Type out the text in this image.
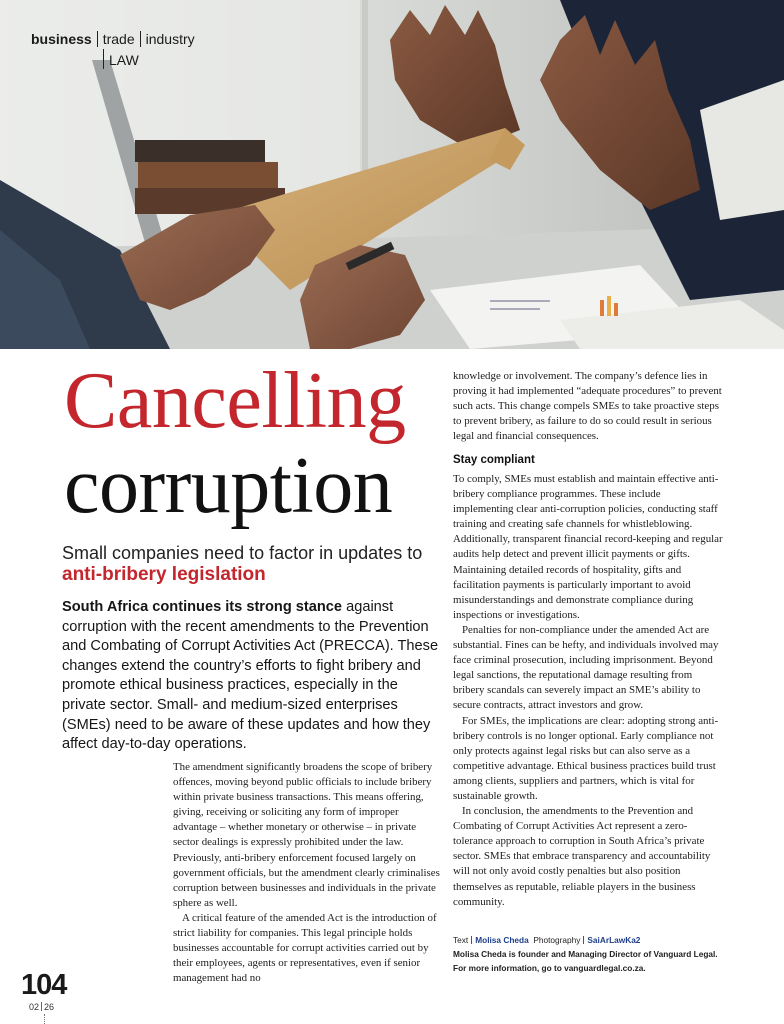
business trade industry
LAW
Cancelling
corruption
Small companies need to factor in updates to
anti-bribery legislation
South Africa continues its strong stance against corruption with the recent amendments to the Prevention and Combating of Corrupt Activities Act (PRECCA). These changes extend the country’s efforts to fight bribery and promote ethical business practices, especially in the private sector. Small- and medium-sized enterprises (SMEs) need to be aware of these updates and how they affect day-to-day operations.

The amendment significantly broadens the scope of bribery offences, moving beyond public officials to include bribery within private business transactions. This means offering, giving, receiving or soliciting any form of improper advantage – whether monetary or otherwise – in private sector dealings is expressly prohibited under the law. Previously, anti-bribery enforcement focused largely on government officials, but the amendment clearly criminalises corruption between businesses and individuals in the private sphere as well.

A critical feature of the amended Act is the introduction of strict liability for companies. This legal principle holds businesses accountable for corrupt activities carried out by their employees, agents or representatives, even if senior management had no

knowledge or involvement. The company’s defence lies in proving it had implemented “adequate procedures” to prevent such acts. This change compels SMEs to take proactive steps to prevent bribery, as failure to do so could result in serious legal and financial consequences.

Stay compliant

To comply, SMEs must establish and maintain effective anti-bribery compliance programmes. These include implementing clear anti-corruption policies, conducting staff training and creating safe channels for whistleblowing. Additionally, transparent financial record-keeping and regular audits help detect and prevent illicit payments or gifts. Maintaining detailed records of hospitality, gifts and facilitation payments is particularly important to avoid misunderstandings and demonstrate compliance during inspections or investigations.

Penalties for non-compliance under the amended Act are substantial. Fines can be hefty, and individuals involved may face criminal prosecution, including imprisonment. Beyond legal sanctions, the reputational damage resulting from bribery scandals can severely impact an SME’s ability to secure contracts, attract investors and grow.

For SMEs, the implications are clear: adopting strong anti-bribery controls is no longer optional. Early compliance not only protects against legal risks but can also serve as a competitive advantage. Ethical business practices build trust among clients, suppliers and partners, which is vital for sustainable growth.

In conclusion, the amendments to the Prevention and Combating of Corrupt Activities Act represent a zero-tolerance approach to corruption in South Africa’s private sector. SMEs that embrace transparency and accountability will not only avoid costly penalties but also position themselves as reputable, reliable players in the business community.

Text Molisa Cheda Photography SaiArLawKa2
Molisa Cheda is founder and Managing Director of Vanguard Legal.
For more information, go to vanguardlegal.co.za.
104
02 26
